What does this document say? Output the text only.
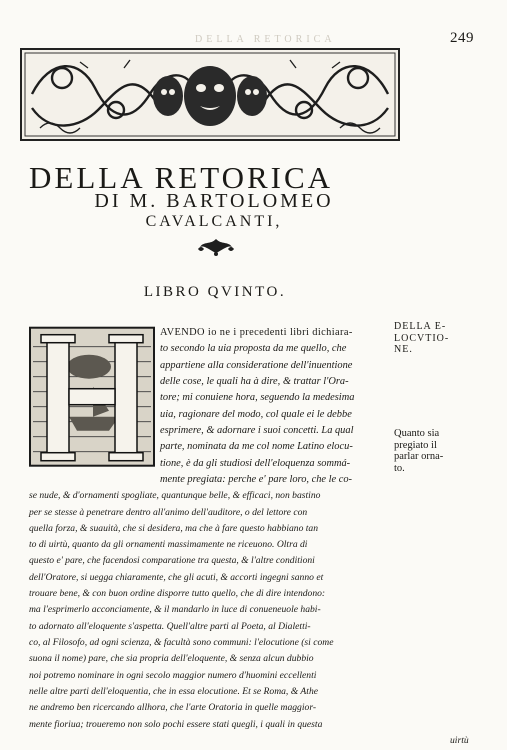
249
DELLA RETORICA
DELLA RETORICA
DI M. BARTOLOMEO
CAVALCANTI,
LIBRO QVINTO.
DELLA E-
LOCVTIO-
NE.
Quanto sia
pregiato il
parlar orna-
to.
AVENDO io ne i precedenti libri dichiara-
to secondo la uia proposta da me quello, che
appartiene alla consideratione dell'inuentione
delle cose, le quali ha à dire, & trattar l'Ora-
tore; mi conuiene hora, seguendo la medesima
uia, ragionare del modo, col quale ei le debbe
esprimere, & adornare i suoi concetti. La qual
parte, nominata da me col nome Latino elocu-
tione, è da gli studiosi dell'eloquenza sommá-
mente pregiata: perche e' pare loro, che le co-
se nude, & d'ornamenti spogliate, quantunque belle, & efficaci, non bastino
per se stesse à penetrare dentro all'animo dell'auditore, o del lettore con
quella forza, & suauità, che si desidera, ma che à fare questo habbiano tan
to di uirtù, quanto da gli ornamenti massimamente ne riceuono. Oltra di
questo e' pare, che facendosi comparatione tra questa, & l'altre conditioni
dell'Oratore, si uegga chiaramente, che gli acuti, & accorti ingegni sanno et
trouare bene, & con buon ordine disporre tutto quello, che di dire intendono:
ma l'esprimerlo acconciamente, & il mandarlo in luce di conueneuole habi-
to adornato all'eloquente s'aspetta. Quell'altre parti al Poeta, al Dialetti-
co, al Filosofo, ad ogni scienza, & facultà sono communi: l'elocutione (si come
suona il nome) pare, che sia propria dell'eloquente, & senza alcun dubbio
noi potremo nominare in ogni secolo maggior numero d'huomini eccellenti
nelle altre parti dell'eloquentia, che in essa elocutione. Et se Roma, & Athe
ne andremo ben ricercando allhora, che l'arte Oratoria in quelle maggior-
mente fioriua; troueremo non solo pochi essere stati quegli, i quali in questa
uirtù
